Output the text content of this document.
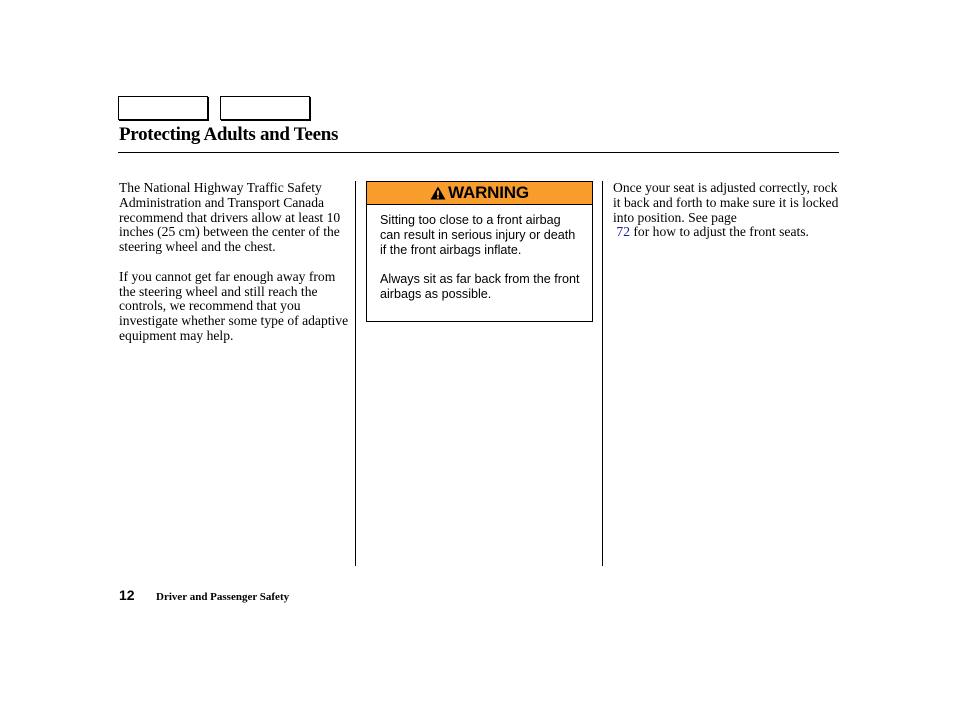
Protecting Adults and Teens

The National Highway Traffic Safety Administration and Transport Canada recommend that drivers allow at least 10 inches (25 cm) between the center of the steering wheel and the chest.

If you cannot get far enough away from the steering wheel and still reach the controls, we recommend that you investigate whether some type of adaptive equipment may help.

WARNING

Sitting too close to a front airbag can result in serious injury or death if the front airbags inflate.

Always sit as far back from the front airbags as possible.

Once your seat is adjusted correctly, rock it back and forth to make sure it is locked into position. See page
72 for how to adjust the front seats.

12 Driver and Passenger Safety
